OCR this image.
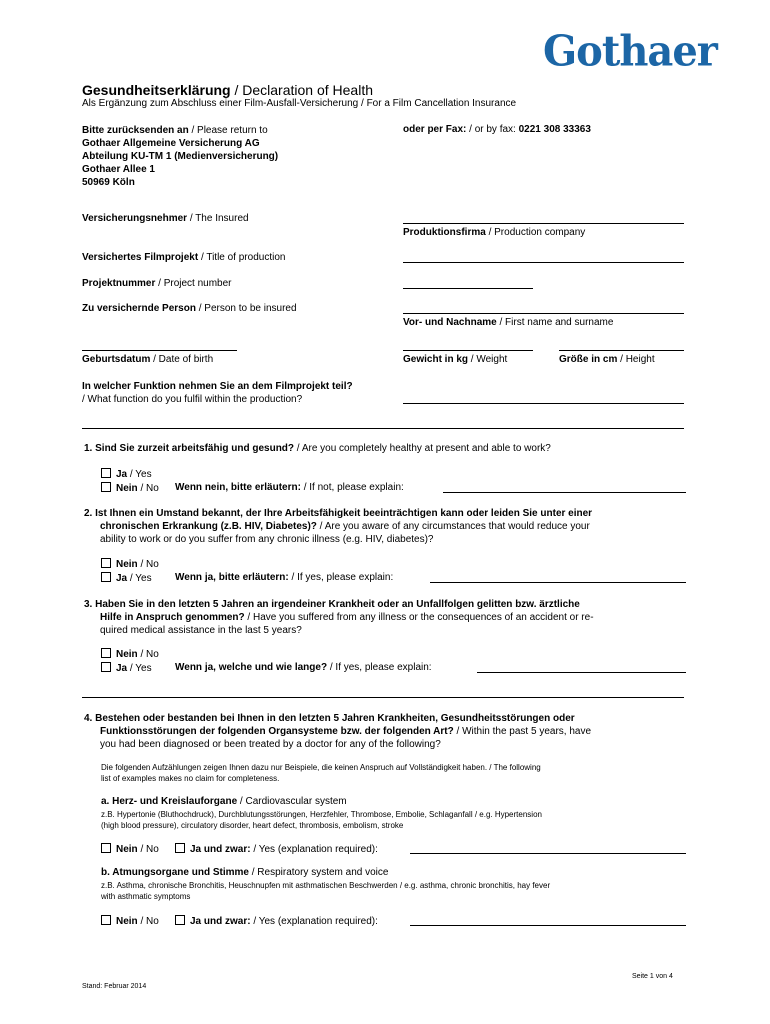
Gothaer
Gesundheitserklärung / Declaration of Health
Als Ergänzung zum Abschluss einer Film-Ausfall-Versicherung / For a Film Cancellation Insurance
Bitte zurücksenden an / Please return to
Gothaer Allgemeine Versicherung AG
Abteilung KU-TM 1 (Medienversicherung)
Gothaer Allee 1
50969 Köln
oder per Fax: / or by fax: 0221 308 33363
Versicherungsnehmer / The Insured
Produktionsfirma / Production company
Versichertes Filmprojekt / Title of production
Projektnummer / Project number
Zu versichernde Person / Person to be insured
Vor- und Nachname / First name and surname
Geburtsdatum / Date of birth	Gewicht in kg / Weight	Größe in cm / Height
In welcher Funktion nehmen Sie an dem Filmprojekt teil?
/ What function do you fulfil within the production?
1. Sind Sie zurzeit arbeitsfähig und gesund? / Are you completely healthy at present and able to work?
Ja / Yes
Nein / No Wenn nein, bitte erläutern: / If not, please explain:
2. Ist Ihnen ein Umstand bekannt, der Ihre Arbeitsfähigkeit beeinträchtigen kann oder leiden Sie unter einer
chronischen Erkrankung (z.B. HIV, Diabetes)? / Are you aware of any circumstances that would reduce your
ability to work or do you suffer from any chronic illness (e.g. HIV, diabetes)?
Nein / No
Ja / Yes Wenn ja, bitte erläutern: / If yes, please explain:
3. Haben Sie in den letzten 5 Jahren an irgendeiner Krankheit oder an Unfallfolgen gelitten bzw. ärztliche
Hilfe in Anspruch genommen? / Have you suffered from any illness or the consequences of an accident or re-
quired medical assistance in the last 5 years?
Nein / No
Ja / Yes Wenn ja, welche und wie lange? / If yes, please explain:
4. Bestehen oder bestanden bei Ihnen in den letzten 5 Jahren Krankheiten, Gesundheitsstörungen oder
Funktionsstörungen der folgenden Organsysteme bzw. der folgenden Art? / Within the past 5 years, have
you had been diagnosed or been treated by a doctor for any of the following?
Die folgenden Aufzählungen zeigen Ihnen dazu nur Beispiele, die keinen Anspruch auf Vollständigkeit haben. / The following
list of examples makes no claim for completeness.
a. Herz- und Kreislauforgane / Cardiovascular system
z.B. Hypertonie (Bluthochdruck), Durchblutungsstörungen, Herzfehler, Thrombose, Embolie, Schlaganfall / e.g. Hypertension
(high blood pressure), circulatory disorder, heart defect, thrombosis, embolism, stroke
Nein / No	Ja und zwar: / Yes (explanation required):
b. Atmungsorgane und Stimme / Respiratory system and voice
z.B. Asthma, chronische Bronchitis, Heuschnupfen mit asthmatischen Beschwerden / e.g. asthma, chronic bronchitis, hay fever
with asthmatic symptoms
Nein / No	Ja und zwar: / Yes (explanation required):
Seite 1 von 4
Stand: Februar 2014
